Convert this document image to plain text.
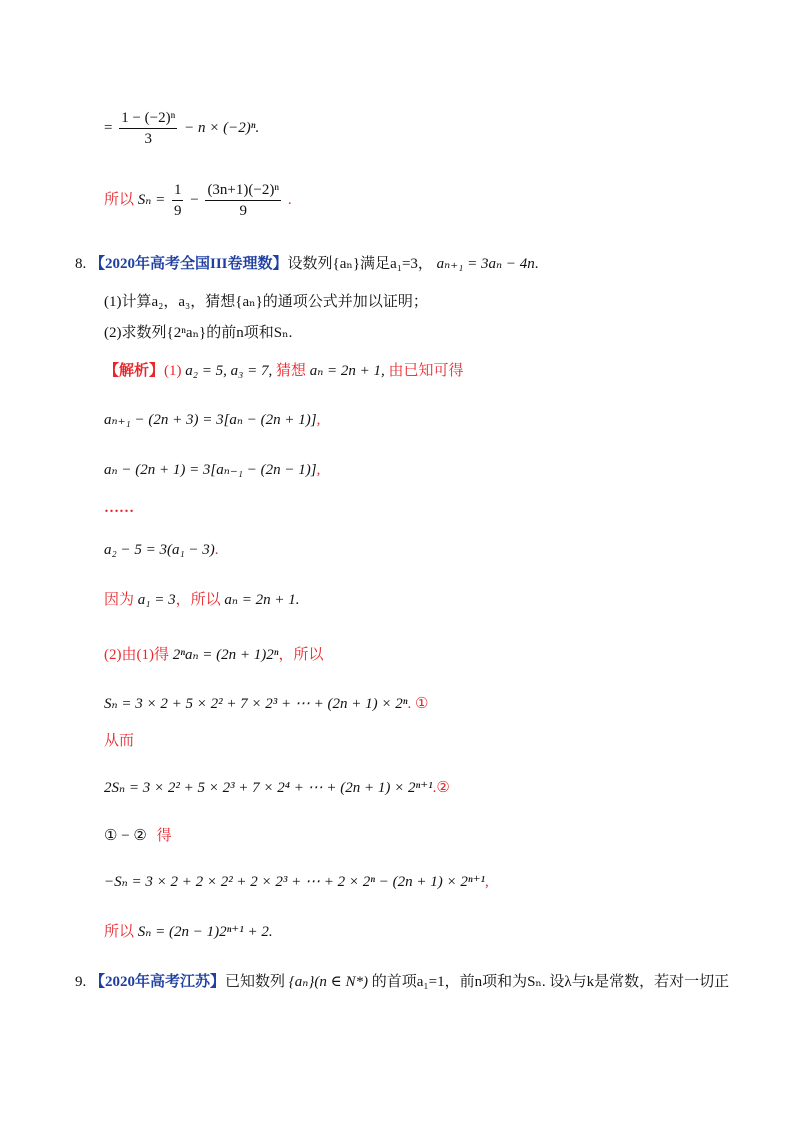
= $\frac{\text{1 − (−2)ⁿ}}{3} - n \times (-2)^n$.
所以 $S_n = \frac{1}{9} - \frac{\text{(3n+1)(−2)ⁿ}}{9}$ .
8. 【2020年高考全国III卷理数】设数列{aₙ}满足a₁=3， aₙ₊₁ = 3aₙ − 4n.
(1)计算a₂，a₃，猜想{aₙ}的通项公式并加以证明；
(2)求数列{2ⁿaₙ}的前n项和Sₙ.
【解析】(1) a₂ = 5, a₃ = 7, 猜想 aₙ = 2n + 1, 由已知可得
aₙ₊₁ − (2n + 3) = 3[aₙ − (2n + 1)],
aₙ − (2n + 1) = 3[aₙ₋₁ − (2n − 1)],
……
a₂ − 5 = 3(a₁ − 3).
因为 a₁ = 3，所以 aₙ = 2n + 1.
(2)由(1)得 2ⁿaₙ = (2n + 1)2ⁿ，所以
Sₙ = 3 × 2 + 5 × 2² + 7 × 2³ + ⋯ + (2n + 1) × 2ⁿ. ①
从而
2Sₙ = 3 × 2² + 5 × 2³ + 7 × 2⁴ + ⋯ + (2n + 1) × 2ⁿ⁺¹.②
① − ② 得
−Sₙ = 3 × 2 + 2 × 2² + 2 × 2³ + ⋯ + 2 × 2ⁿ − (2n + 1) × 2ⁿ⁺¹,
所以 Sₙ = (2n − 1)2ⁿ⁺¹ + 2.
9. 【2020年高考江苏】已知数列 {aₙ}(n ∈ N*) 的首项a₁=1，前n项和为Sₙ. 设λ与k是常数，若对一切正
